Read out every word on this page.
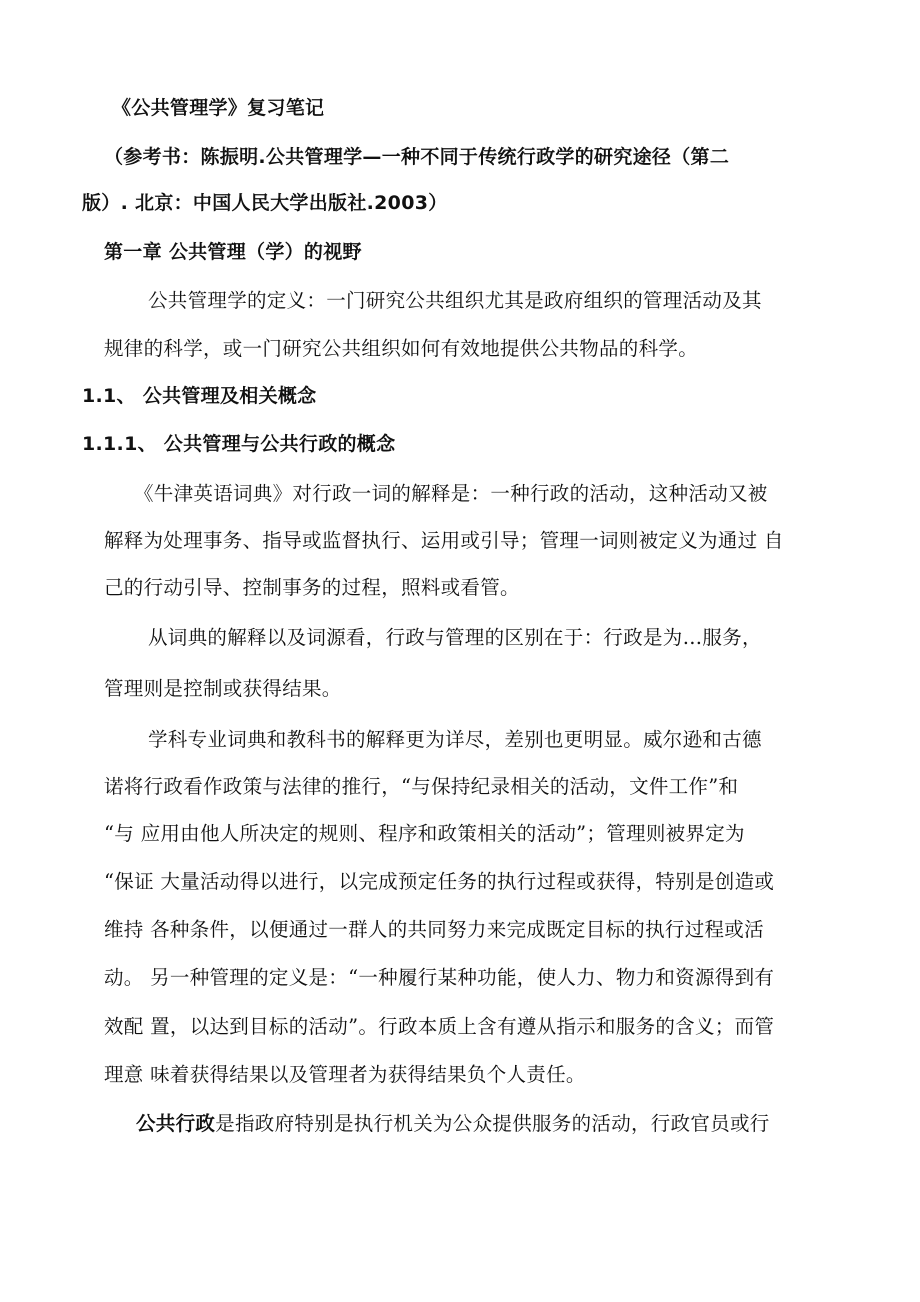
《公共管理学》复习笔记
（参考书：陈振明.公共管理学—一种不同于传统行政学的研究途径（第二
版）. 北京：中国人民大学出版社.2003）
第一章 公共管理（学）的视野
公共管理学的定义：一门研究公共组织尤其是政府组织的管理活动及其
规律的科学，或一门研究公共组织如何有效地提供公共物品的科学。
1.1、 公共管理及相关概念
1.1.1、 公共管理与公共行政的概念
《牛津英语词典》对行政一词的解释是：一种行政的活动，这种活动又被
解释为处理事务、指导或监督执行、运用或引导；管理一词则被定义为通过 自
己的行动引导、控制事务的过程，照料或看管。
从词典的解释以及词源看，行政与管理的区别在于：行政是为…服务，
管理则是控制或获得结果。
学科专业词典和教科书的解释更为详尽，差别也更明显。威尔逊和古德
诺将行政看作政策与法律的推行，“与保持纪录相关的活动，文件工作”和
“与 应用由他人所决定的规则、程序和政策相关的活动”；管理则被界定为
“保证 大量活动得以进行，以完成预定任务的执行过程或获得，特别是创造或
维持 各种条件，以便通过一群人的共同努力来完成既定目标的执行过程或活
动。 另一种管理的定义是：“一种履行某种功能，使人力、物力和资源得到有
效配 置，以达到目标的活动”。行政本质上含有遵从指示和服务的含义；而管
理意 味着获得结果以及管理者为获得结果负个人责任。
公共行政是指政府特别是执行机关为公众提供服务的活动，行政官员或行
